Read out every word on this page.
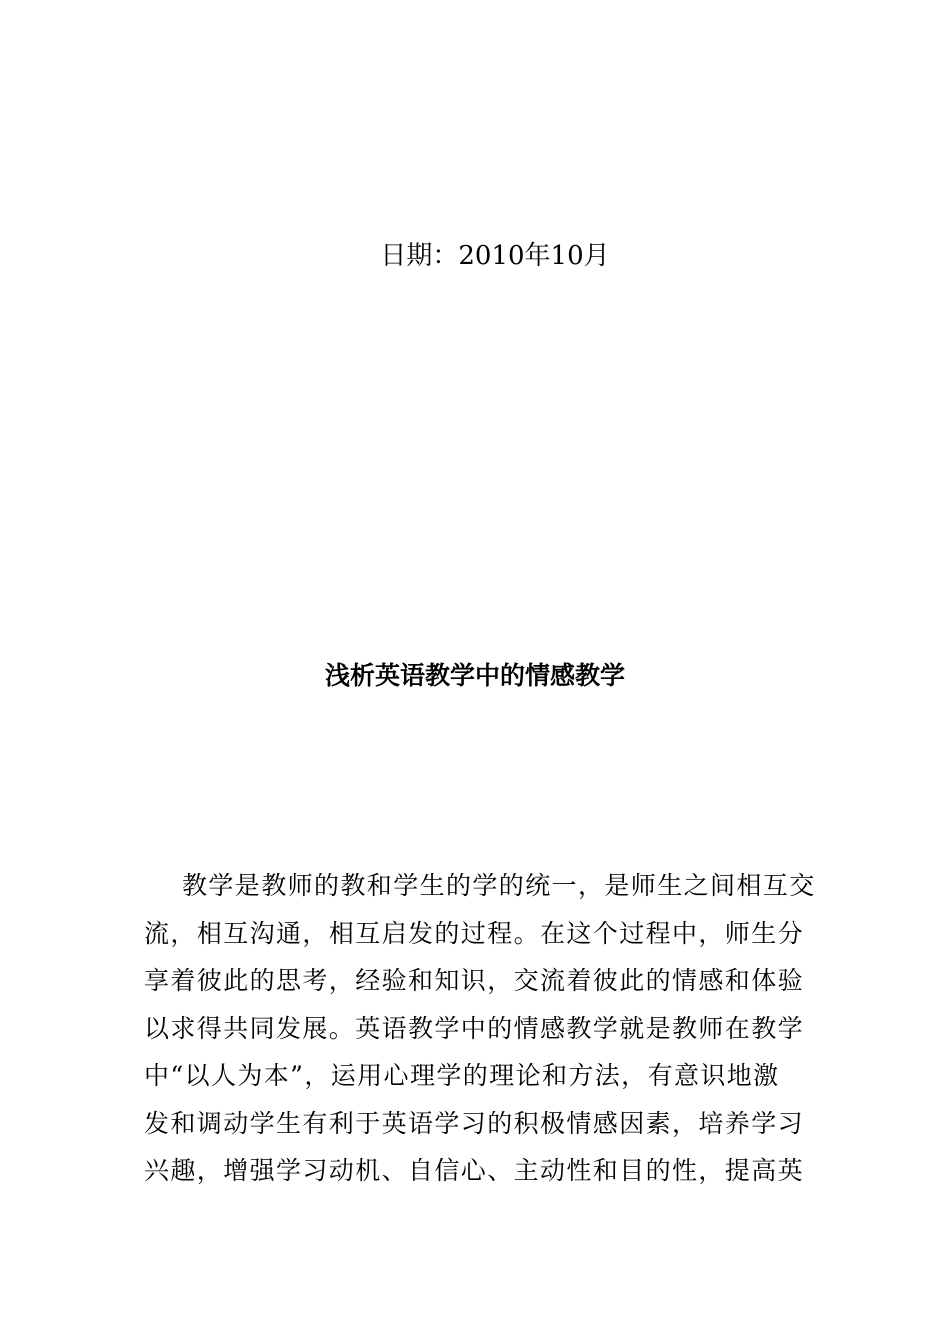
日期：2010年10月
浅析英语教学中的情感教学

教学是教师的教和学生的学的统一，是师生之间相互交
流，相互沟通，相互启发的过程。在这个过程中，师生分
享着彼此的思考，经验和知识，交流着彼此的情感和体验
以求得共同发展。英语教学中的情感教学就是教师在教学
中“以人为本”，运用心理学的理论和方法，有意识地激
发和调动学生有利于英语学习的积极情感因素，培养学习
兴趣，增强学习动机、自信心、主动性和目的性，提高英
